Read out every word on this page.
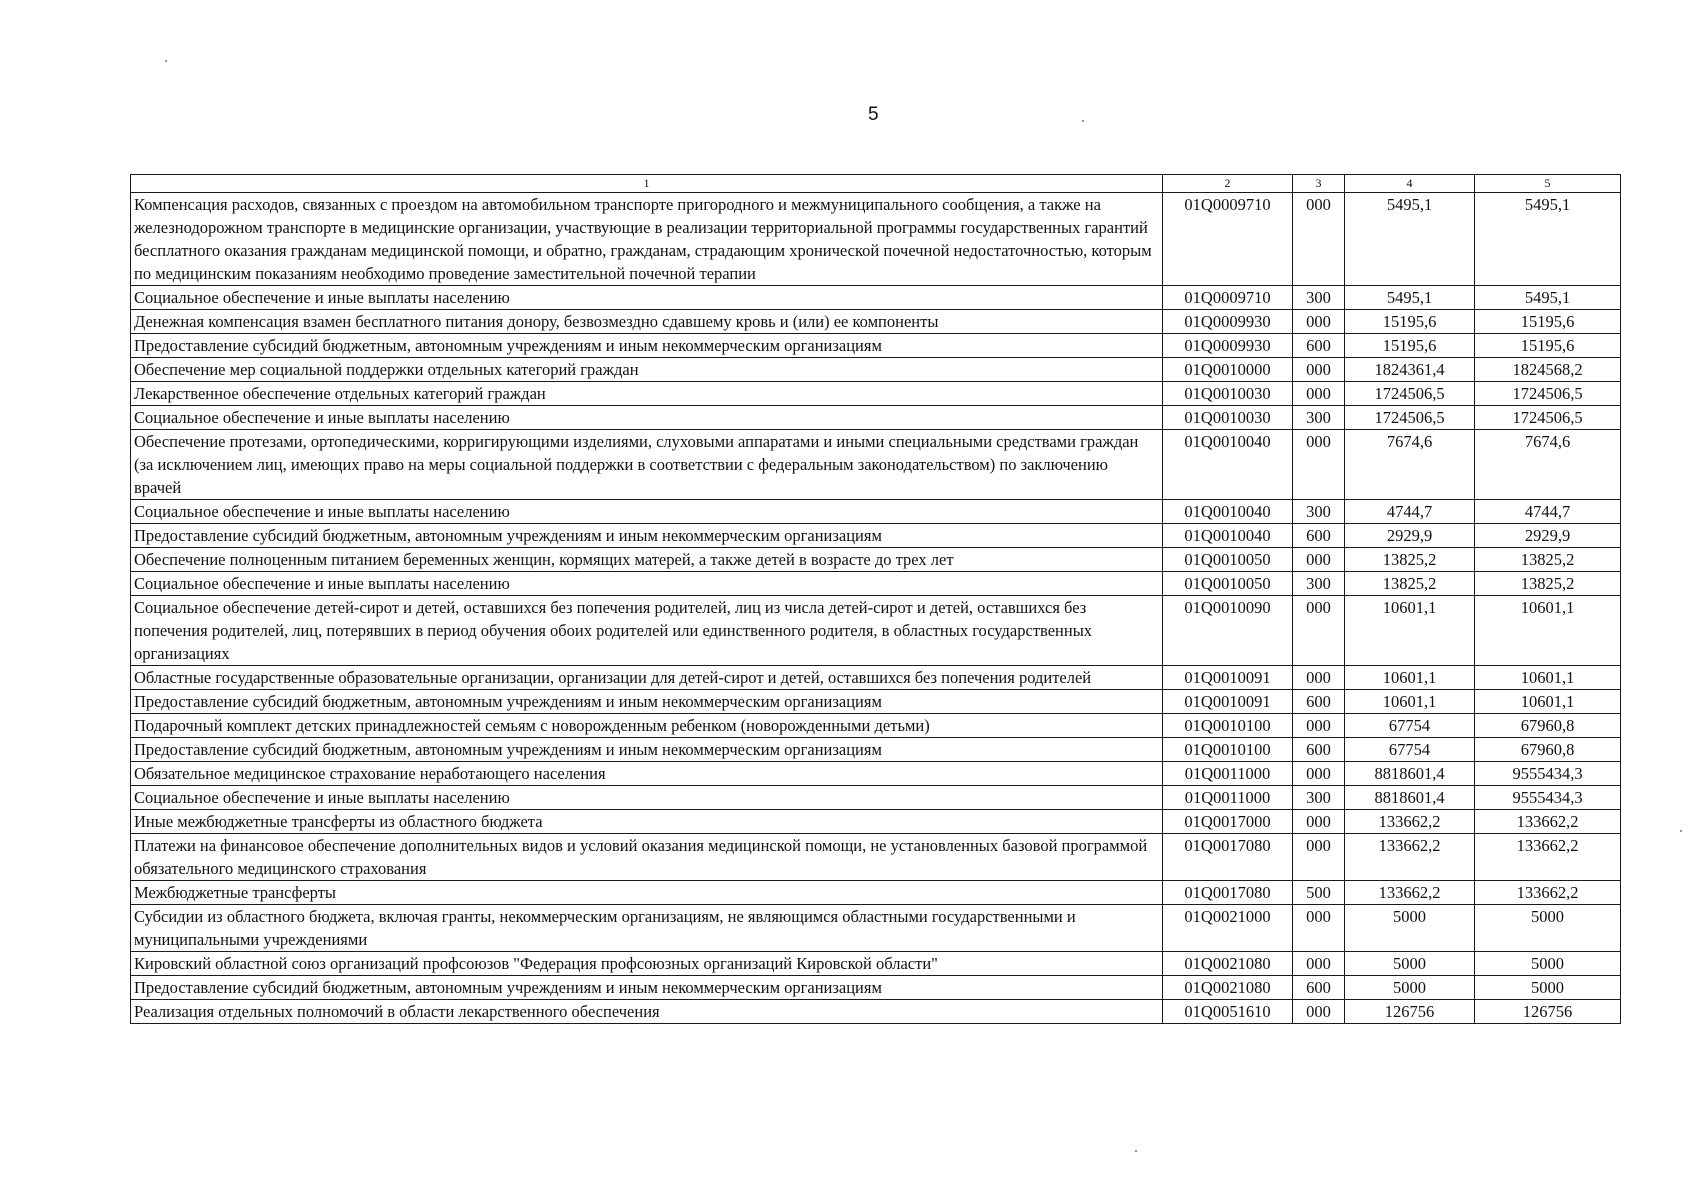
5
1	2	3	4	5
Компенсация расходов, связанных с проездом на автомобильном транспорте пригородного и межмуниципального сообщения, а также на железнодорожном транспорте в медицинские организации, участвующие в реализации территориальной программы государственных гарантий бесплатного оказания гражданам медицинской помощи, и обратно, гражданам, страдающим хронической почечной недостаточностью, которым по медицинским показаниям необходимо проведение заместительной почечной терапии	01Q0009710	000	5495,1	5495,1
Социальное обеспечение и иные выплаты населению	01Q0009710	300	5495,1	5495,1
Денежная компенсация взамен бесплатного питания донору, безвозмездно сдавшему кровь и (или) ее компоненты	01Q0009930	000	15195,6	15195,6
Предоставление субсидий бюджетным, автономным учреждениям и иным некоммерческим организациям	01Q0009930	600	15195,6	15195,6
Обеспечение мер социальной поддержки отдельных категорий граждан	01Q0010000	000	1824361,4	1824568,2
Лекарственное обеспечение отдельных категорий граждан	01Q0010030	000	1724506,5	1724506,5
Социальное обеспечение и иные выплаты населению	01Q0010030	300	1724506,5	1724506,5
Обеспечение протезами, ортопедическими, корригирующими изделиями, слуховыми аппаратами и иными специальными средствами граждан (за исключением лиц, имеющих право на меры социальной поддержки в соответствии с федеральным законодательством) по заключению врачей	01Q0010040	000	7674,6	7674,6
Социальное обеспечение и иные выплаты населению	01Q0010040	300	4744,7	4744,7
Предоставление субсидий бюджетным, автономным учреждениям и иным некоммерческим организациям	01Q0010040	600	2929,9	2929,9
Обеспечение полноценным питанием беременных женщин, кормящих матерей, а также детей в возрасте до трех лет	01Q0010050	000	13825,2	13825,2
Социальное обеспечение и иные выплаты населению	01Q0010050	300	13825,2	13825,2
Социальное обеспечение детей-сирот и детей, оставшихся без попечения родителей, лиц из числа детей-сирот и детей, оставшихся без попечения родителей, лиц, потерявших в период обучения обоих родителей или единственного родителя, в областных государственных организациях	01Q0010090	000	10601,1	10601,1
Областные государственные образовательные организации, организации для детей-сирот и детей, оставшихся без попечения родителей	01Q0010091	000	10601,1	10601,1
Предоставление субсидий бюджетным, автономным учреждениям и иным некоммерческим организациям	01Q0010091	600	10601,1	10601,1
Подарочный комплект детских принадлежностей семьям с новорожденным ребенком (новорожденными детьми)	01Q0010100	000	67754	67960,8
Предоставление субсидий бюджетным, автономным учреждениям и иным некоммерческим организациям	01Q0010100	600	67754	67960,8
Обязательное медицинское страхование неработающего населения	01Q0011000	000	8818601,4	9555434,3
Социальное обеспечение и иные выплаты населению	01Q0011000	300	8818601,4	9555434,3
Иные межбюджетные трансферты из областного бюджета	01Q0017000	000	133662,2	133662,2
Платежи на финансовое обеспечение дополнительных видов и условий оказания медицинской помощи, не установленных базовой программой обязательного медицинского страхования	01Q0017080	000	133662,2	133662,2
Межбюджетные трансферты	01Q0017080	500	133662,2	133662,2
Субсидии из областного бюджета, включая гранты, некоммерческим организациям, не являющимся областными государственными и муниципальными учреждениями	01Q0021000	000	5000	5000
Кировский областной союз организаций профсоюзов "Федерация профсоюзных организаций Кировской области"	01Q0021080	000	5000	5000
Предоставление субсидий бюджетным, автономным учреждениям и иным некоммерческим организациям	01Q0021080	600	5000	5000
Реализация отдельных полномочий в области лекарственного обеспечения	01Q0051610	000	126756	126756
